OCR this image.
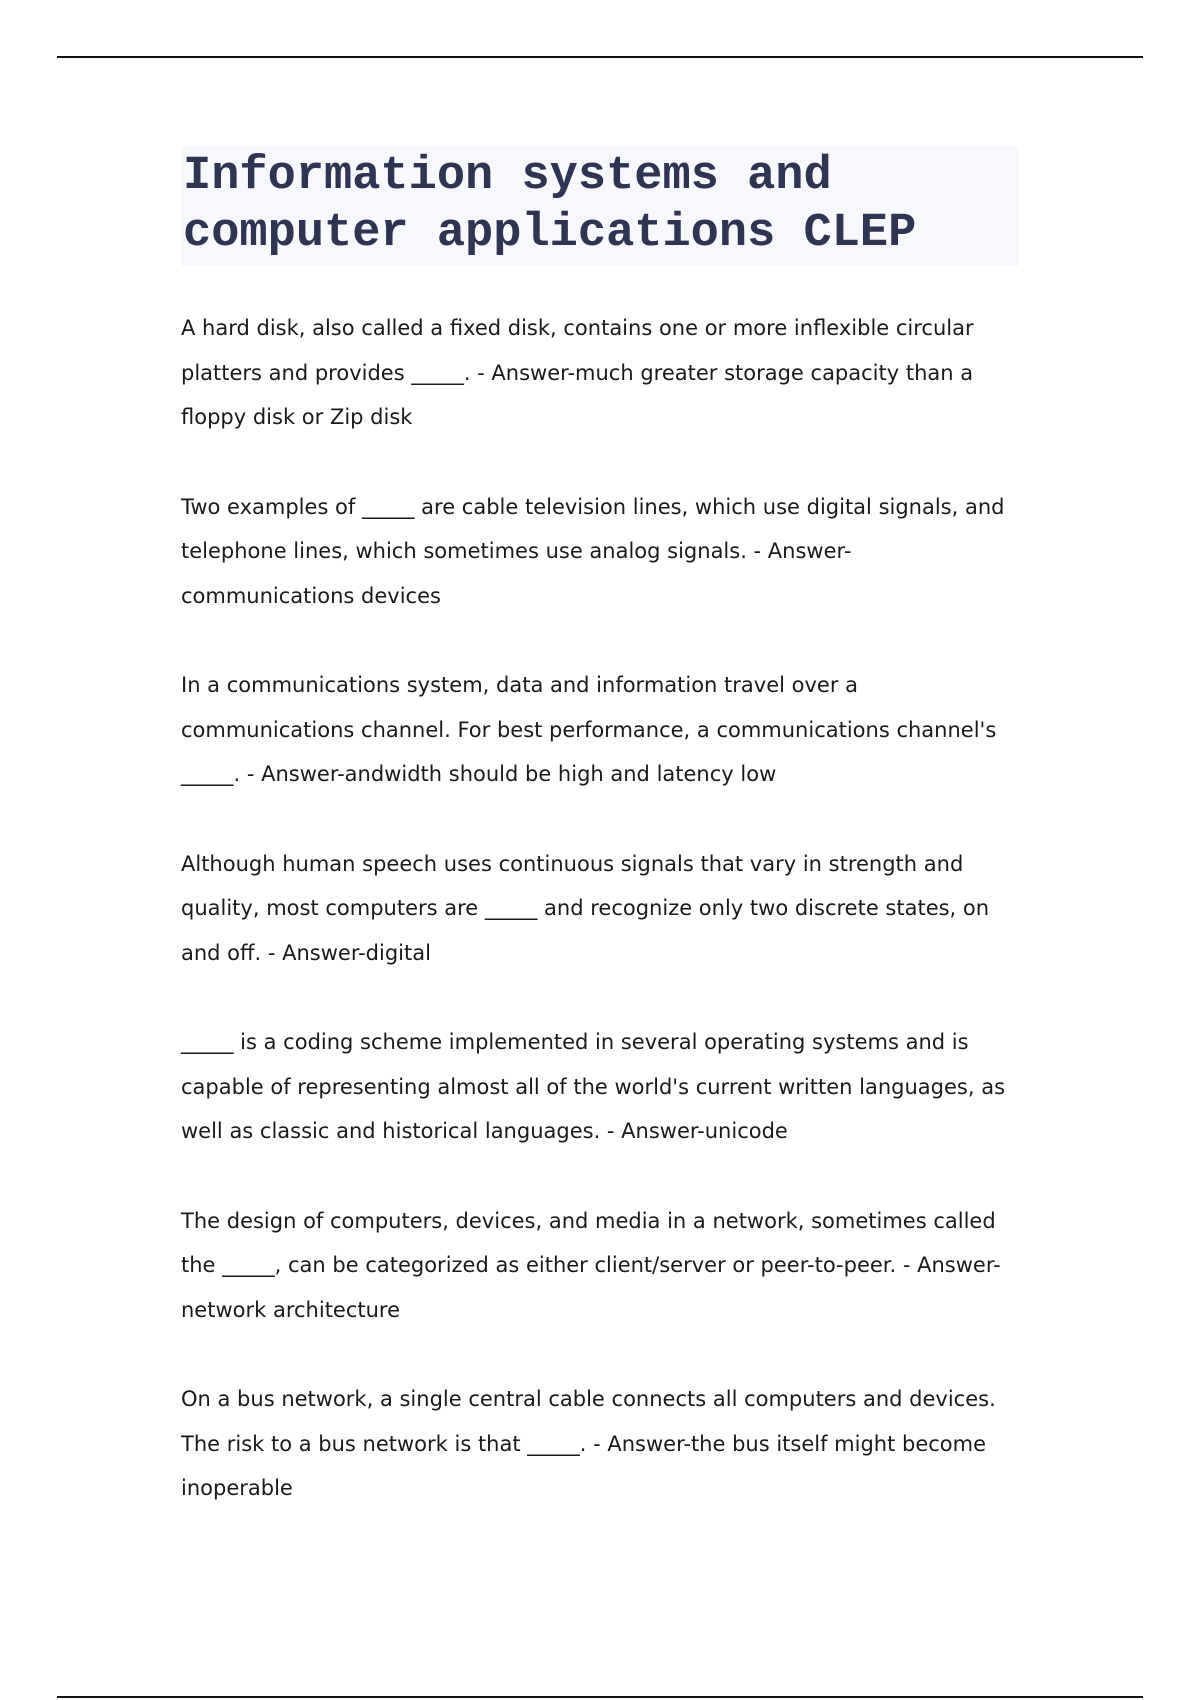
Information systems and computer applications CLEP

A hard disk, also called a fixed disk, contains one or more inflexible circular platters and provides _____. - Answer-much greater storage capacity than a floppy disk or Zip disk

Two examples of _____ are cable television lines, which use digital signals, and telephone lines, which sometimes use analog signals. - Answer-communications devices

In a communications system, data and information travel over a communications channel. For best performance, a communications channel's _____. - Answer-andwidth should be high and latency low

Although human speech uses continuous signals that vary in strength and quality, most computers are _____ and recognize only two discrete states, on and off. - Answer-digital

_____ is a coding scheme implemented in several operating systems and is capable of representing almost all of the world's current written languages, as well as classic and historical languages. - Answer-unicode

The design of computers, devices, and media in a network, sometimes called the _____, can be categorized as either client/server or peer-to-peer. - Answer-network architecture

On a bus network, a single central cable connects all computers and devices. The risk to a bus network is that _____. - Answer-the bus itself might become inoperable
